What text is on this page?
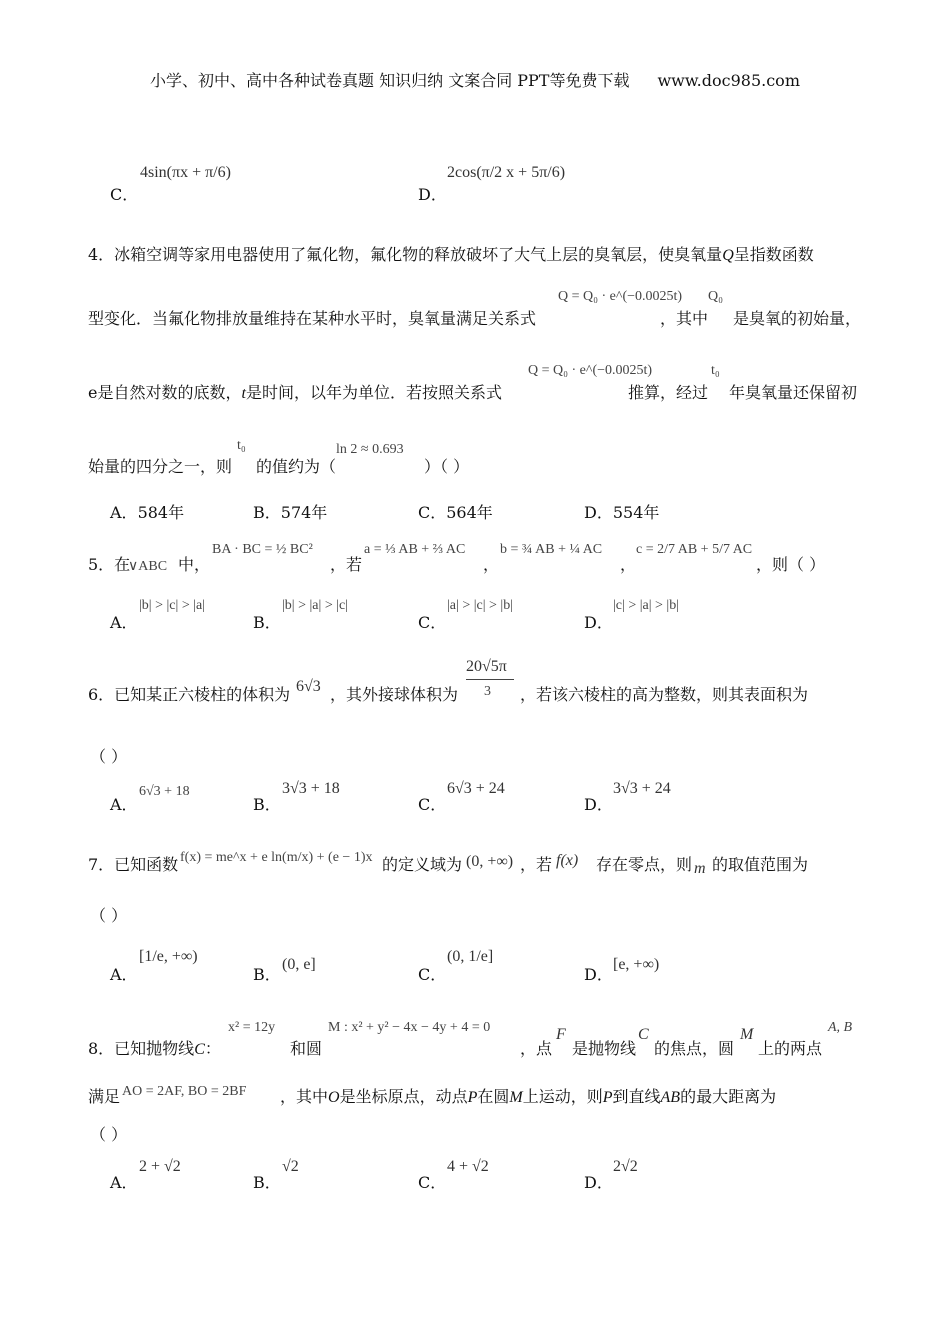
小学、初中、高中各种试卷真题 知识归纳 文案合同 PPT等免费下载 www.doc985.com
C．
4sin(πx + π/6)
D．
2cos(π/2 x + 5π/6)
4．冰箱空调等家用电器使用了氟化物，氟化物的释放破坏了大气上层的臭氧层，使臭氧量Q呈指数函数
型变化．当氟化物排放量维持在某种水平时，臭氧量满足关系式
Q = Q₀ · e^(−0.0025t)
，其中
Q₀
是臭氧的初始量，
e是自然对数的底数，t是时间，以年为单位．若按照关系式
Q = Q₀ · e^(−0.0025t)
推算，经过
t₀
年臭氧量还保留初
始量的四分之一，则
t₀
的值约为（
ln 2 ≈ 0.693
）（ ）
A．584年	B．574年	C．564年	D．554年
5．在
∨ABC 中，
BA · BC = ½ BC²
，若
a = ⅓ AB + ⅔ AC
，
b = ¾ AB + ¼ AC
，
c = 2/7 AB + 5/7 AC
，则（ ）
A．
|b| > |c| > |a|
B．
|b| > |a| > |c|
C．
|a| > |c| > |b|
D．
|c| > |a| > |b|
6．已知某正六棱柱的体积为 6√3 ，其外接球体积为
20√5π
3 ，若该六棱柱的高为整数，则其表面积为
（ ）
A．
6√3 + 18
B．
3√3 + 18
C．
6√3 + 24
D．
3√3 + 24
7．已知函数 f(x) = me^x + e ln(m/x) + (e − 1)x 的定义域为 (0, +∞) ，若 f(x) 存在零点，则 m 的取值范围为
（ ）
A．
[1/e, +∞)
B．
(0, e]
C．
(0, 1/e]
D．
[e, +∞)
8．已知抛物线C：
x² = 12y
和圆
M : x² + y² − 4x − 4y + 4 = 0
，点
F
是抛物线
C
的焦点，圆
M
上的两点
A, B
满足 AO = 2AF, BO = 2BF ，其中O是坐标原点，动点P在圆M上运动，则P到直线AB的最大距离为
（ ）
A．
2 + √2
B．
√2
C．
4 + √2
D．
2√2
